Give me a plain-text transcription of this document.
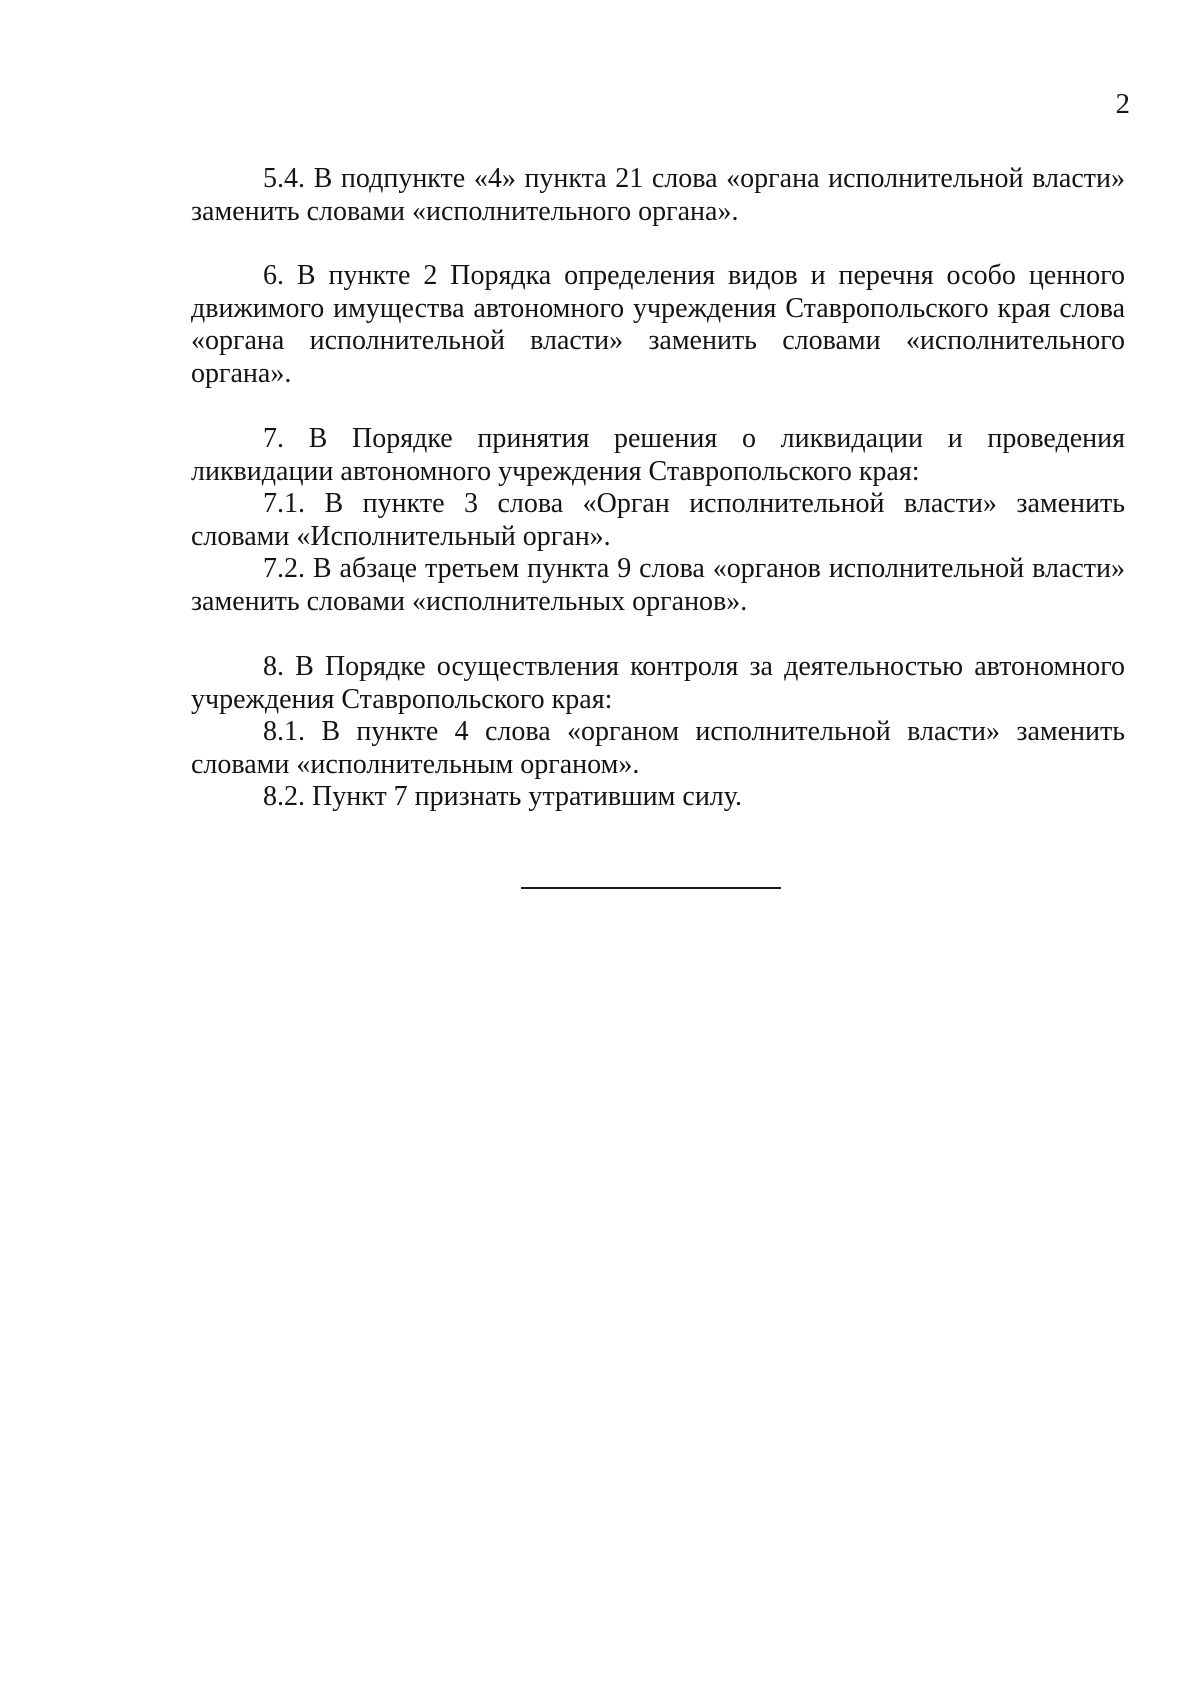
2

5.4. В подпункте «4» пункта 21 слова «органа исполнительной власти» заменить словами «исполнительного органа».

6. В пункте 2 Порядка определения видов и перечня особо ценного движимого имущества автономного учреждения Ставропольского края слова «органа исполнительной власти» заменить словами «исполнительного органа».

7. В Порядке принятия решения о ликвидации и проведения ликвидации автономного учреждения Ставропольского края:

7.1. В пункте 3 слова «Орган исполнительной власти» заменить словами «Исполнительный орган».

7.2. В абзаце третьем пункта 9 слова «органов исполнительной власти» заменить словами «исполнительных органов».

8. В Порядке осуществления контроля за деятельностью автономного учреждения Ставропольского края:

8.1. В пункте 4 слова «органом исполнительной власти» заменить словами «исполнительным органом».

8.2. Пункт 7 признать утратившим силу.
